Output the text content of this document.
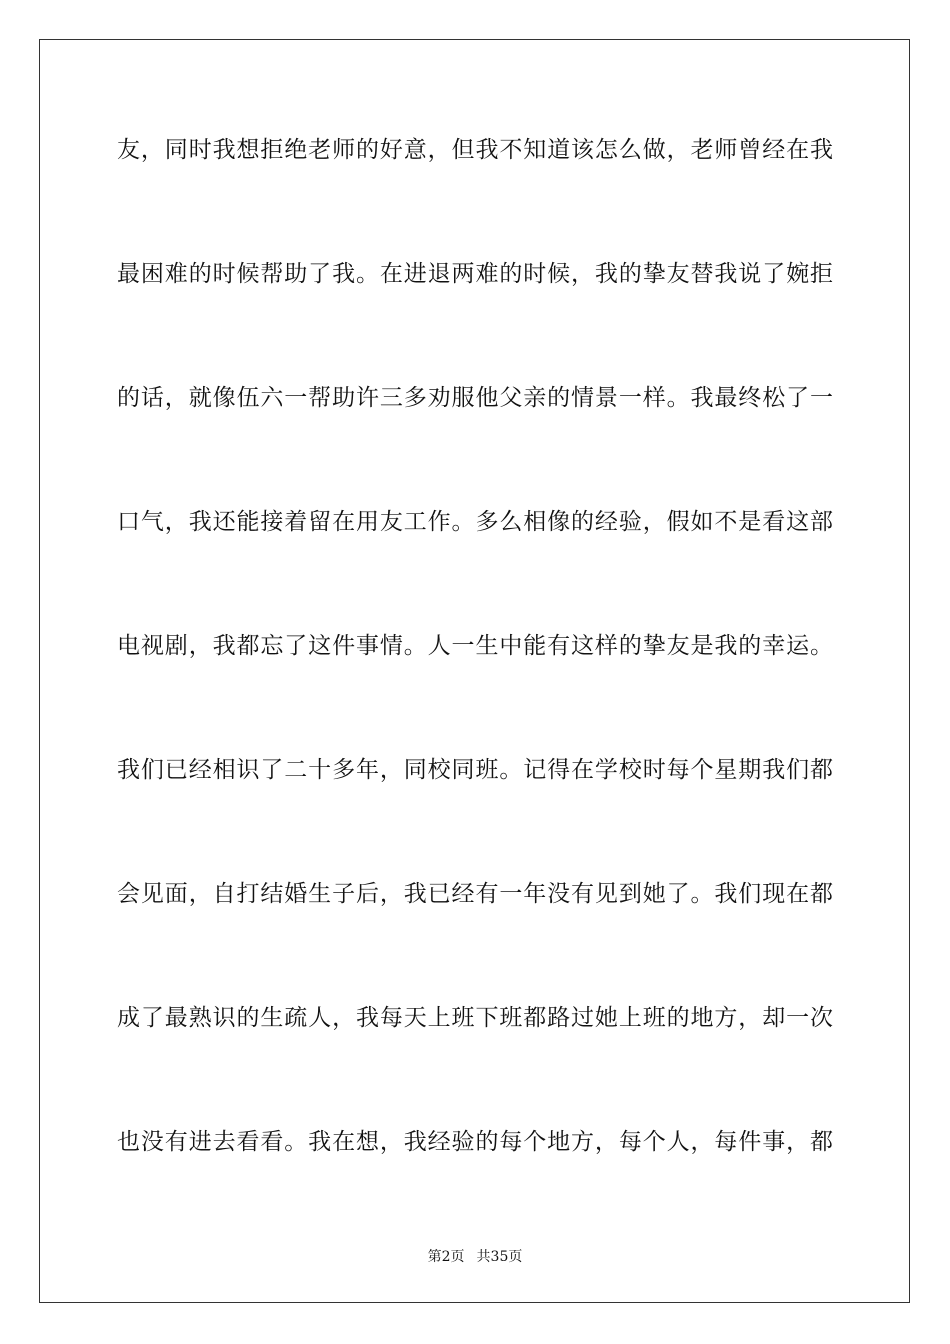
友，同时我想拒绝老师的好意，但我不知道该怎么做，老师曾经在我
最困难的时候帮助了我。在进退两难的时候，我的挚友替我说了婉拒
的话，就像伍六一帮助许三多劝服他父亲的情景一样。我最终松了一
口气，我还能接着留在用友工作。多么相像的经验，假如不是看这部
电视剧，我都忘了这件事情。人一生中能有这样的挚友是我的幸运。
我们已经相识了二十多年，同校同班。记得在学校时每个星期我们都
会见面，自打结婚生子后，我已经有一年没有见到她了。我们现在都
成了最熟识的生疏人，我每天上班下班都路过她上班的地方，却一次
也没有进去看看。我在想，我经验的每个地方，每个人，每件事，都
第2页 共35页
